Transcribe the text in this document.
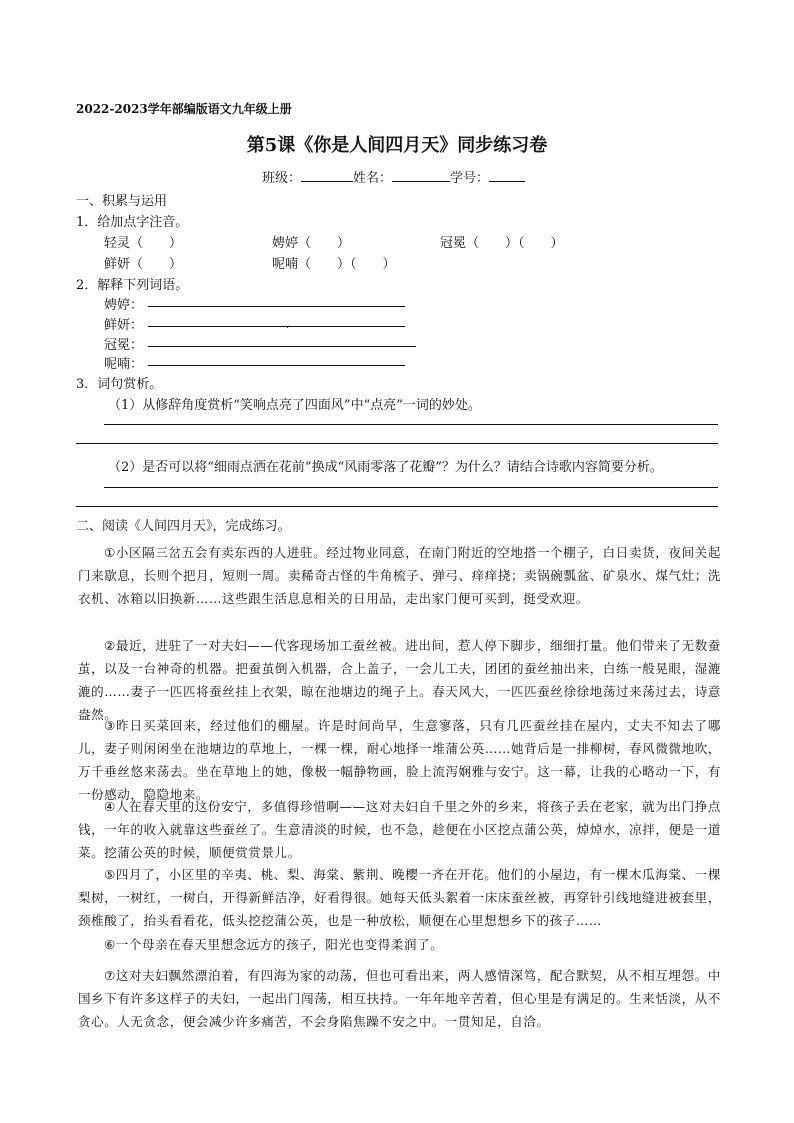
2022-2023学年部编版语文九年级上册
第5课《你是人间四月天》同步练习卷
班级：	姓名：	学号：
一、积累与运用
1．给加点字注音。
轻灵（　　）	娉婷（　　）	冠冕（　　）（　　）
鲜妍（　　）	呢喃（　　）（　　）
2．解释下列词语。
娉婷：
鲜妍：
冠冕：
‘
呢喃：
3．词句赏析。
（1）从修辞角度赏析“笑响点亮了四面风”中“点亮”一词的妙处。
（2）是否可以将“细雨点洒在花前”换成“风雨零落了花瓣”？为什么？请结合诗歌内容简要分析。
二、阅读《人间四月天》，完成练习。
①小区隔三岔五会有卖东西的人进驻。经过物业同意，在南门附近的空地搭一个棚子，白日卖货，夜间关起门来歇息，长则个把月，短则一周。卖稀奇古怪的牛角梳子、弹弓、痒痒挠；卖锅碗瓢盆、矿泉水、煤气灶；洗衣机、冰箱以旧换新……这些跟生活息息相关的日用品，走出家门便可买到，挺受欢迎。
②最近，进驻了一对夫妇——代客现场加工蚕丝被。进出间，惹人停下脚步，细细打量。他们带来了无数蚕茧，以及一台神奇的机器。把蚕茧倒入机器，合上盖子，一会儿工夫，团团的蚕丝抽出来，白练一般晃眼，湿漉漉的……妻子一匹匹将蚕丝挂上衣架，晾在池塘边的绳子上。春天风大，一匹匹蚕丝徐徐地荡过来荡过去，诗意盎然。
③昨日买菜回来，经过他们的棚屋。许是时间尚早，生意寥落，只有几匹蚕丝挂在屋内，丈夫不知去了哪儿，妻子则闲闲坐在池塘边的草地上，一棵一棵，耐心地择一堆蒲公英……她背后是一排柳树，春风微微地吹，万千垂丝悠来荡去。坐在草地上的她，像极一幅静物画，脸上流泻娴雅与安宁。这一幕，让我的心略动一下，有一份感动，隐隐地来。
④人在春天里的这份安宁，多值得珍惜啊——这对夫妇自千里之外的乡来，将孩子丢在老家，就为出门挣点钱，一年的收入就靠这些蚕丝了。生意清淡的时候，也不急，趁便在小区挖点蒲公英，焯焯水，凉拌，便是一道菜。挖蒲公英的时候，顺便赏赏景儿。
⑤四月了，小区里的辛夷、桃、梨、海棠、紫荆、晚樱一齐在开花。他们的小屋边，有一棵木瓜海棠、一棵梨树，一树红，一树白，开得新鲜洁净，好看得很。她每天低头絮着一床床蚕丝被，再穿针引线地缝进被套里，颈椎酸了，抬头看看花，低头挖挖蒲公英，也是一种放松，顺便在心里想想乡下的孩子……
⑥一个母亲在春天里想念远方的孩子，阳光也变得柔润了。
⑦这对夫妇飘然漂泊着，有四海为家的动荡，但也可看出来，两人感情深笃，配合默契，从不相互埋怨。中国乡下有许多这样子的夫妇，一起出门闯荡，相互扶持。一年年地辛苦着，但心里是有满足的。生来恬淡，从不贪心。人无贪念，便会减少许多痛苦，不会身陷焦躁不安之中。一贯知足，自洽。
